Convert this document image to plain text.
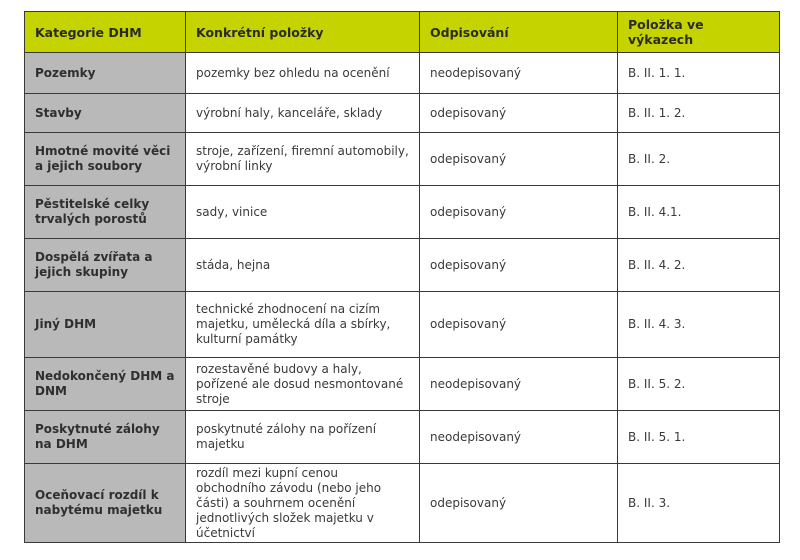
Kategorie DHM	Konkrétní položky	Odpisování	Položka ve výkazech
Pozemky	pozemky bez ohledu na ocenění	neodepisovaný	B. II. 1. 1.
Stavby	výrobní haly, kanceláře, sklady	odepisovaný	B. II. 1. 2.
Hmotné movité věci a jejich soubory	stroje, zařízení, firemní automobily, výrobní linky	odepisovaný	B. II. 2.
Pěstitelské celky trvalých porostů	sady, vinice	odepisovaný	B. II. 4.1.
Dospělá zvířata a jejich skupiny	stáda, hejna	odepisovaný	B. II. 4. 2.
Jiný DHM	technické zhodnocení na cizím majetku, umělecká díla a sbírky, kulturní památky	odepisovaný	B. II. 4. 3.
Nedokončený DHM a DNM	rozestavěné budovy a haly, pořízené ale dosud nesmontované stroje	neodepisovaný	B. II. 5. 2.
Poskytnuté zálohy na DHM	poskytnuté zálohy na pořízení majetku	neodepisovaný	B. II. 5. 1.
Oceňovací rozdíl k nabytému majetku	rozdíl mezi kupní cenou obchodního závodu (nebo jeho části) a souhrnem ocenění jednotlivých složek majetku v účetnictví	odepisovaný	B. II. 3.
